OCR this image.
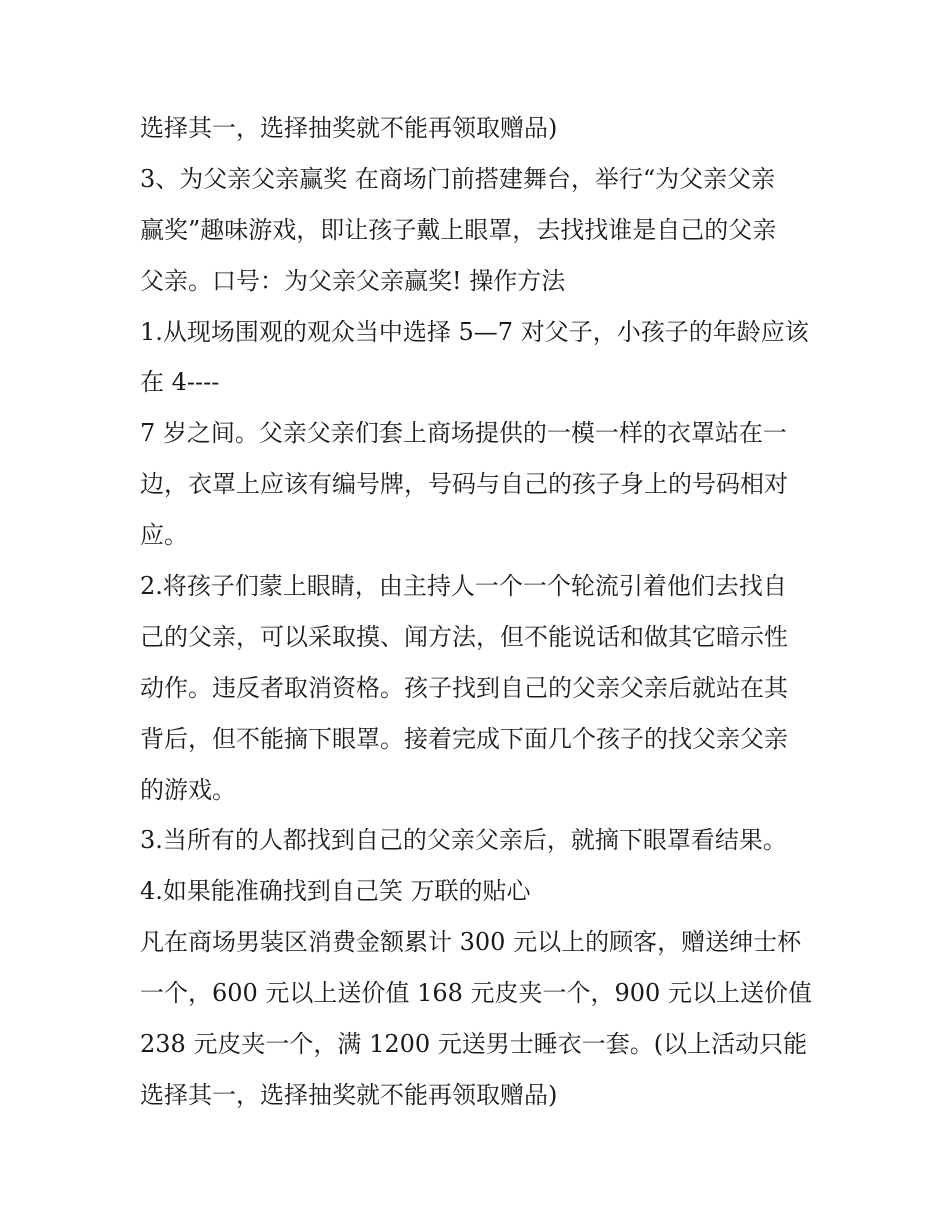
选择其一，选择抽奖就不能再领取赠品)
3、为父亲父亲赢奖 在商场门前搭建舞台，举行“为父亲父亲
赢奖”趣味游戏，即让孩子戴上眼罩，去找找谁是自己的父亲
父亲。口号：为父亲父亲赢奖! 操作方法
1.从现场围观的观众当中选择 5—7 对父子，小孩子的年龄应该
在 4----
7 岁之间。父亲父亲们套上商场提供的一模一样的衣罩站在一
边，衣罩上应该有编号牌，号码与自己的孩子身上的号码相对
应。
2.将孩子们蒙上眼睛，由主持人一个一个轮流引着他们去找自
己的父亲，可以采取摸、闻方法，但不能说话和做其它暗示性
动作。违反者取消资格。孩子找到自己的父亲父亲后就站在其
背后，但不能摘下眼罩。接着完成下面几个孩子的找父亲父亲
的游戏。
3.当所有的人都找到自己的父亲父亲后，就摘下眼罩看结果。
4.如果能准确找到自己笑 万联的贴心
凡在商场男装区消费金额累计 300 元以上的顾客，赠送绅士杯
一个，600 元以上送价值 168 元皮夹一个，900 元以上送价值
238 元皮夹一个，满 1200 元送男士睡衣一套。(以上活动只能
选择其一，选择抽奖就不能再领取赠品)
